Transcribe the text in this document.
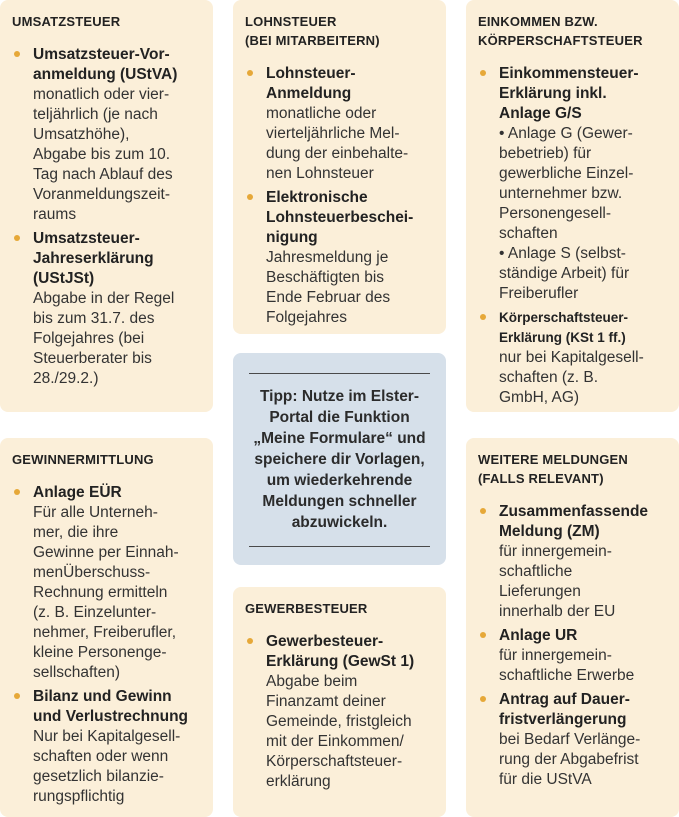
UMSATZSTEUER
Umsatzsteuer-Vor-
anmeldung (UStVA)
monatlich oder vier-
teljährlich (je nach
Umsatzhöhe),
Abgabe bis zum 10.
Tag nach Ablauf des
Voranmeldungszeit-
raums
Umsatzsteuer-
Jahreserklärung
(UStJSt)
Abgabe in der Regel
bis zum 31.7. des
Folgejahres (bei
Steuerberater bis
28./29.2.)
LOHNSTEUER
(BEI MITARBEITERN)
Lohnsteuer-
Anmeldung
monatliche oder
vierteljährliche Mel-
dung der einbehalte-
nen Lohnsteuer
Elektronische
Lohnsteuerbeschei-
nigung
Jahresmeldung je
Beschäftigten bis
Ende Februar des
Folgejahres
EINKOMMEN BZW.
KÖRPERSCHAFTSTEUER
Einkommensteuer-
Erklärung inkl.
Anlage G/S
• Anlage G (Gewer-
bebetrieb) für
gewerbliche Einzel-
unternehmer bzw.
Personengesell-
schaften
• Anlage S (selbst-
ständige Arbeit) für
Freiberufler
Körperschaftsteuer-
Erklärung (KSt 1 ff.)
nur bei Kapitalgesell-
schaften (z. B.
GmbH, AG)
Tipp: Nutze im Elster-
Portal die Funktion
„Meine Formulare“ und
speichere dir Vorlagen,
um wiederkehrende
Meldungen schneller
abzuwickeln.
GEWINNERMITTLUNG
Anlage EÜR
Für alle Unterneh-
mer, die ihre
Gewinne per Einnah-
menÜberschuss-
Rechnung ermitteln
(z. B. Einzelunter-
nehmer, Freiberufler,
kleine Personenge-
sellschaften)
Bilanz und Gewinn
und Verlustrechnung
Nur bei Kapitalgesell-
schaften oder wenn
gesetzlich bilanzie-
rungspflichtig
GEWERBESTEUER
Gewerbesteuer-
Erklärung (GewSt 1)
Abgabe beim
Finanzamt deiner
Gemeinde, fristgleich
mit der Einkommen/
Körperschaftsteuer-
erklärung
WEITERE MELDUNGEN
(FALLS RELEVANT)
Zusammenfassende
Meldung (ZM)
für innergemein-
schaftliche
Lieferungen
innerhalb der EU
Anlage UR
für innergemein-
schaftliche Erwerbe
Antrag auf Dauer-
fristverlängerung
bei Bedarf Verlänge-
rung der Abgabefrist
für die UStVA
